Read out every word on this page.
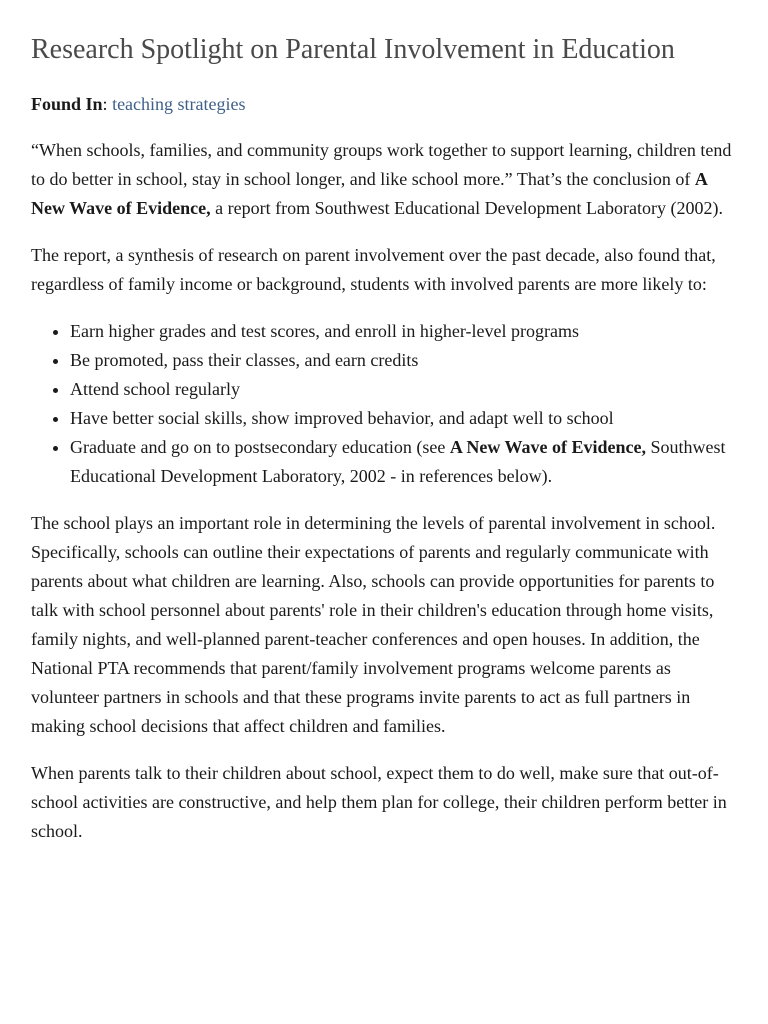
Research Spotlight on Parental Involvement in Education
Found In: teaching strategies

“When schools, families, and community groups work together to support learning, children tend to do better in school, stay in school longer, and like school more.” That’s the conclusion of A New Wave of Evidence, a report from Southwest Educational Development Laboratory (2002).

The report, a synthesis of research on parent involvement over the past decade, also found that, regardless of family income or background, students with involved parents are more likely to:

• Earn higher grades and test scores, and enroll in higher-level programs
• Be promoted, pass their classes, and earn credits
• Attend school regularly
• Have better social skills, show improved behavior, and adapt well to school
• Graduate and go on to postsecondary education (see A New Wave of Evidence, Southwest Educational Development Laboratory, 2002 - in references below).

The school plays an important role in determining the levels of parental involvement in school. Specifically, schools can outline their expectations of parents and regularly communicate with parents about what children are learning. Also, schools can provide opportunities for parents to talk with school personnel about parents' role in their children's education through home visits, family nights, and well-planned parent-teacher conferences and open houses. In addition, the National PTA recommends that parent/family involvement programs welcome parents as volunteer partners in schools and that these programs invite parents to act as full partners in making school decisions that affect children and families.

When parents talk to their children about school, expect them to do well, make sure that out-of-school activities are constructive, and help them plan for college, their children perform better in school.
